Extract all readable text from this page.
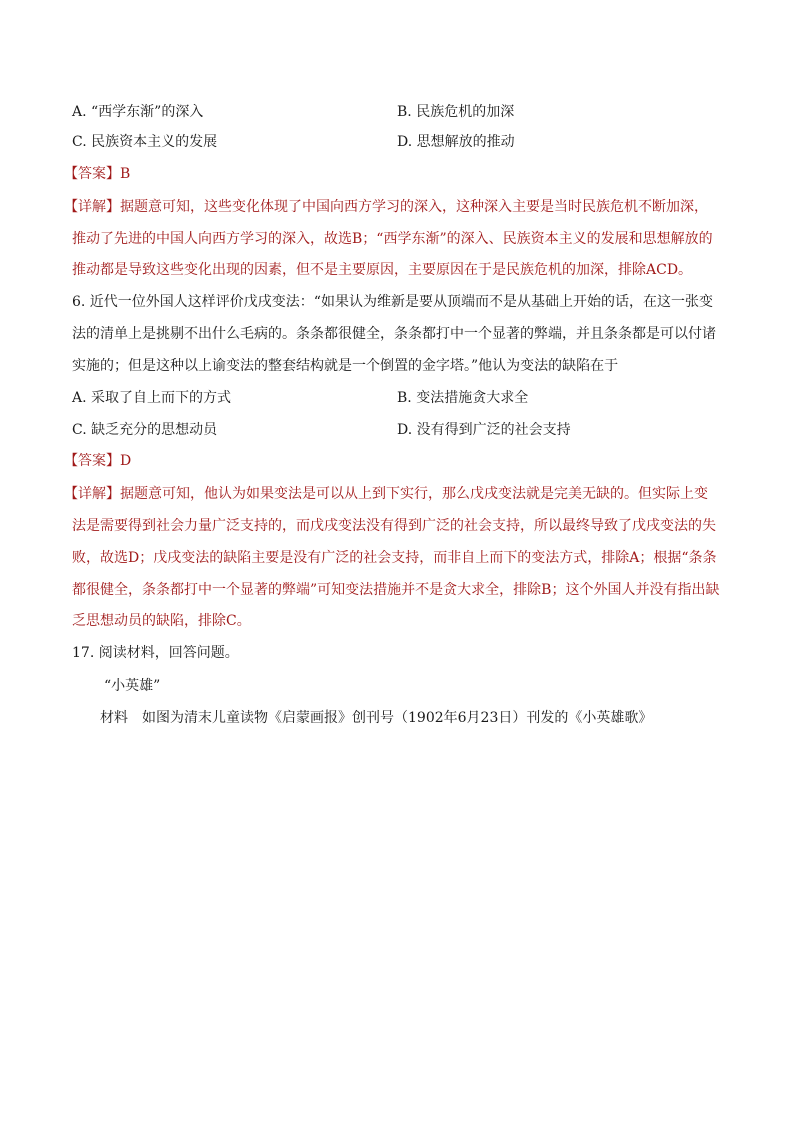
A. “西学东渐”的深入	B. 民族危机的加深
C. 民族资本主义的发展	D. 思想解放的推动
【答案】B
【详解】据题意可知，这些变化体现了中国向西方学习的深入，这种深入主要是当时民族危机不断加深，
推动了先进的中国人向西方学习的深入，故选B；“西学东渐”的深入、民族资本主义的发展和思想解放的
推动都是导致这些变化出现的因素，但不是主要原因，主要原因在于是民族危机的加深，排除ACD。
6. 近代一位外国人这样评价戊戌变法：“如果认为维新是要从顶端而不是从基础上开始的话，在这一张变
法的清单上是挑剔不出什么毛病的。条条都很健全，条条都打中一个显著的弊端，并且条条都是可以付诸
实施的；但是这种以上谕变法的整套结构就是一个倒置的金字塔。”他认为变法的缺陷在于
A. 采取了自上而下的方式	B. 变法措施贪大求全
C. 缺乏充分的思想动员	D. 没有得到广泛的社会支持
【答案】D
【详解】据题意可知，他认为如果变法是可以从上到下实行，那么戊戌变法就是完美无缺的。但实际上变
法是需要得到社会力量广泛支持的，而戊戌变法没有得到广泛的社会支持，所以最终导致了戊戌变法的失
败，故选D；戊戌变法的缺陷主要是没有广泛的社会支持，而非自上而下的变法方式，排除A；根据“条条
都很健全，条条都打中一个显著的弊端”可知变法措施并不是贪大求全，排除B；这个外国人并没有指出缺
乏思想动员的缺陷，排除C。
17. 阅读材料，回答问题。
“小英雄”
材料　如图为清末儿童读物《启蒙画报》创刊号（1902年6月23日）刊发的《小英雄歌》
